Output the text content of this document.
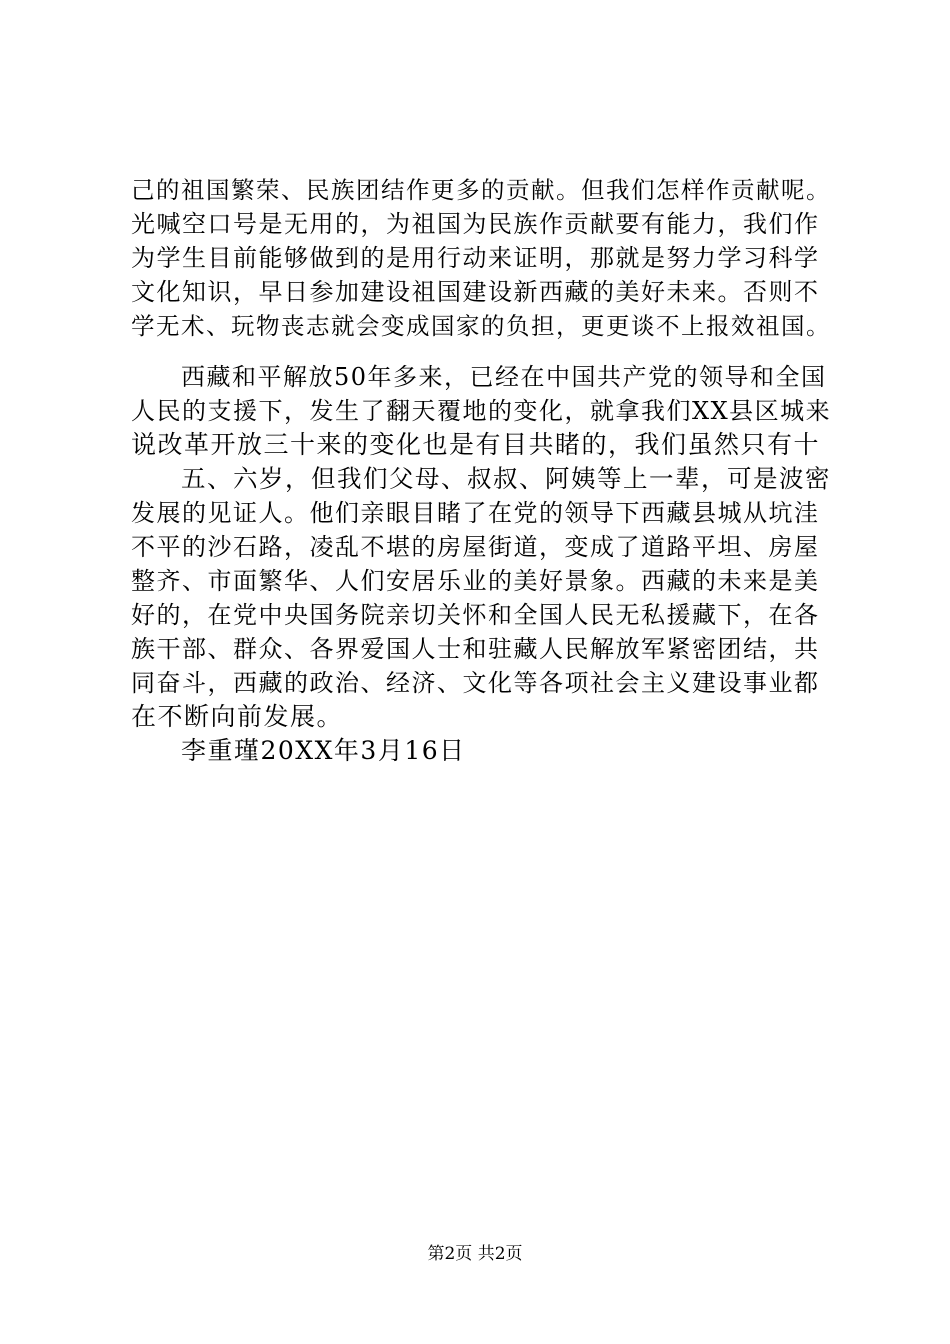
己的祖国繁荣、民族团结作更多的贡献。但我们怎样作贡献呢。
光喊空口号是无用的，为祖国为民族作贡献要有能力，我们作
为学生目前能够做到的是用行动来证明，那就是努力学习科学
文化知识，早日参加建设祖国建设新西藏的美好未来。否则不
学无术、玩物丧志就会变成国家的负担，更更谈不上报效祖国。
西藏和平解放50年多来，已经在中国共产党的领导和全国
人民的支援下，发生了翻天覆地的变化，就拿我们XX县区城来
说改革开放三十来的变化也是有目共睹的，我们虽然只有十
五、六岁，但我们父母、叔叔、阿姨等上一辈，可是波密
发展的见证人。他们亲眼目睹了在党的领导下西藏县城从坑洼
不平的沙石路，凌乱不堪的房屋街道，变成了道路平坦、房屋
整齐、市面繁华、人们安居乐业的美好景象。西藏的未来是美
好的，在党中央国务院亲切关怀和全国人民无私援藏下，在各
族干部、群众、各界爱国人士和驻藏人民解放军紧密团结，共
同奋斗，西藏的政治、经济、文化等各项社会主义建设事业都
在不断向前发展。
李重瑾20XX年3月16日
第2页 共2页
